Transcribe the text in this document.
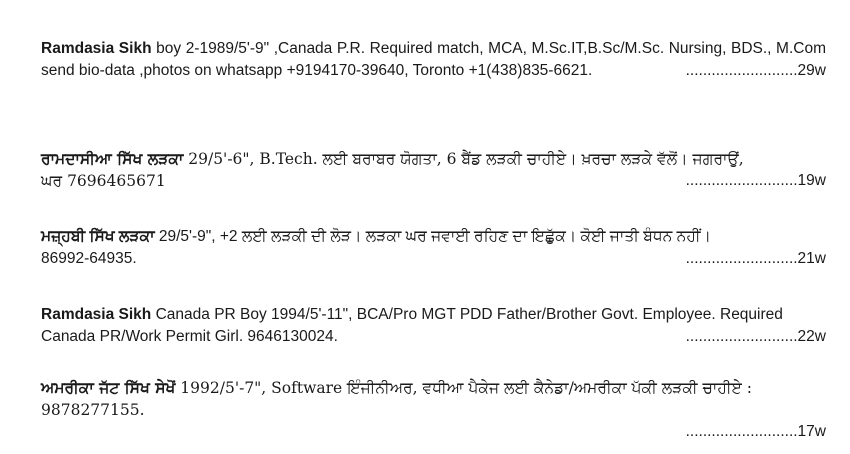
Ramdasia Sikh boy 2-1989/5'-9" ,Canada P.R. Required match, MCA, M.Sc.IT,B.Sc/M.Sc. Nursing, BDS., M.Com send bio-data ,photos on whatsapp +9194170-39640, Toronto +1(438)835-6621.	..........................29w

ਰਾਮਦਾਸੀਆ ਸਿੱਖ ਲੜਕਾ 29/5'-6", B.Tech. ਲਈ ਬਰਾਬਰ ਯੋਗਤਾ, 6 ਬੈਂਡ ਲੜਕੀ ਚਾਹੀਏ। ਖ਼ਰਚਾ ਲੜਕੇ ਵੱਲੋਂ। ਜਗਰਾਉਂ,

ਘਰ 7696465671	..........................19w

ਮਜ਼੍ਹਬੀ ਸਿੱਖ ਲੜਕਾ 29/5'-9", +2 ਲਈ ਲੜਕੀ ਦੀ ਲੋੜ। ਲੜਕਾ ਘਰ ਜਵਾਈ ਰਹਿਣ ਦਾ ਇਛੁੱਕ। ਕੋਈ ਜਾਤੀ ਬੰਧਨ ਨਹੀਂ।

86992-64935.	..........................21w

Ramdasia Sikh Canada PR Boy 1994/5'-11", BCA/Pro MGT PDD Father/Brother Govt. Employee. Required

Canada PR/Work Permit Girl. 9646130024.	..........................22w

ਅਮਰੀਕਾ ਜੱਟ ਸਿੱਖ ਸੇਖੋਂ 1992/5'-7", Software ਇੰਜੀਨੀਅਰ, ਵਧੀਆ ਪੈਕੇਜ ਲਈ ਕੈਨੇਡਾ/ਅਮਰੀਕਾ ਪੱਕੀ ਲੜਕੀ ਚਾਹੀਏ : 9878277155.

..........................17w
